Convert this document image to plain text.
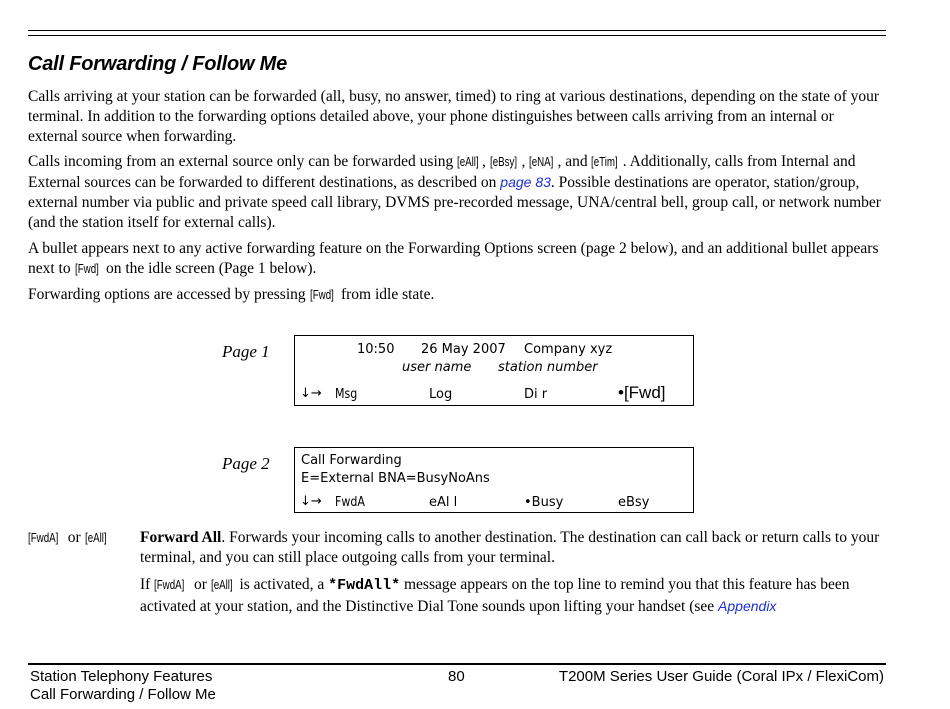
Call Forwarding / Follow Me

Calls arriving at your station can be forwarded (all, busy, no answer, timed) to ring at various destinations, depending on the state of your terminal. In addition to the forwarding options detailed above, your phone distinguishes between calls arriving from an internal or external source when forwarding.

Calls incoming from an external source only can be forwarded using [eAll] , [eBsy] , [eNA] , and [eTim] . Additionally, calls from Internal and External sources can be forwarded to different destinations, as described on page 83. Possible destinations are operator, station/group, external number via public and private speed call library, DVMS pre-recorded message, UNA/central bell, group call, or network number (and the station itself for external calls).

A bullet appears next to any active forwarding feature on the Forwarding Options screen (page 2 below), and an additional bullet appears next to [Fwd] on the idle screen (Page 1 below).

Forwarding options are accessed by pressing [Fwd] from idle state.

Page 1	10:50 26 May 2007 Company xyz
user name station number
↓→ Msg	Log	Di r	•[Fwd]
Page 2 Call Forwarding
E=External BNA=BusyNoAns
↓→ FwdA	eAl l	•Busy	eBsy
[FwdA] or [eAll]	Forward All. Forwards your incoming calls to another destination. The destination can call back or return calls to your terminal, and you can still place outgoing calls from your terminal.

If [FwdA] or [eAll] is activated, a *FwdAll* message appears on the top line to remind you that this feature has been activated at your station, and the Distinctive Dial Tone sounds upon lifting your handset (see Appendix

Station Telephony Features
Call Forwarding / Follow Me
80	T200M Series User Guide (Coral IPx / FlexiCom)
